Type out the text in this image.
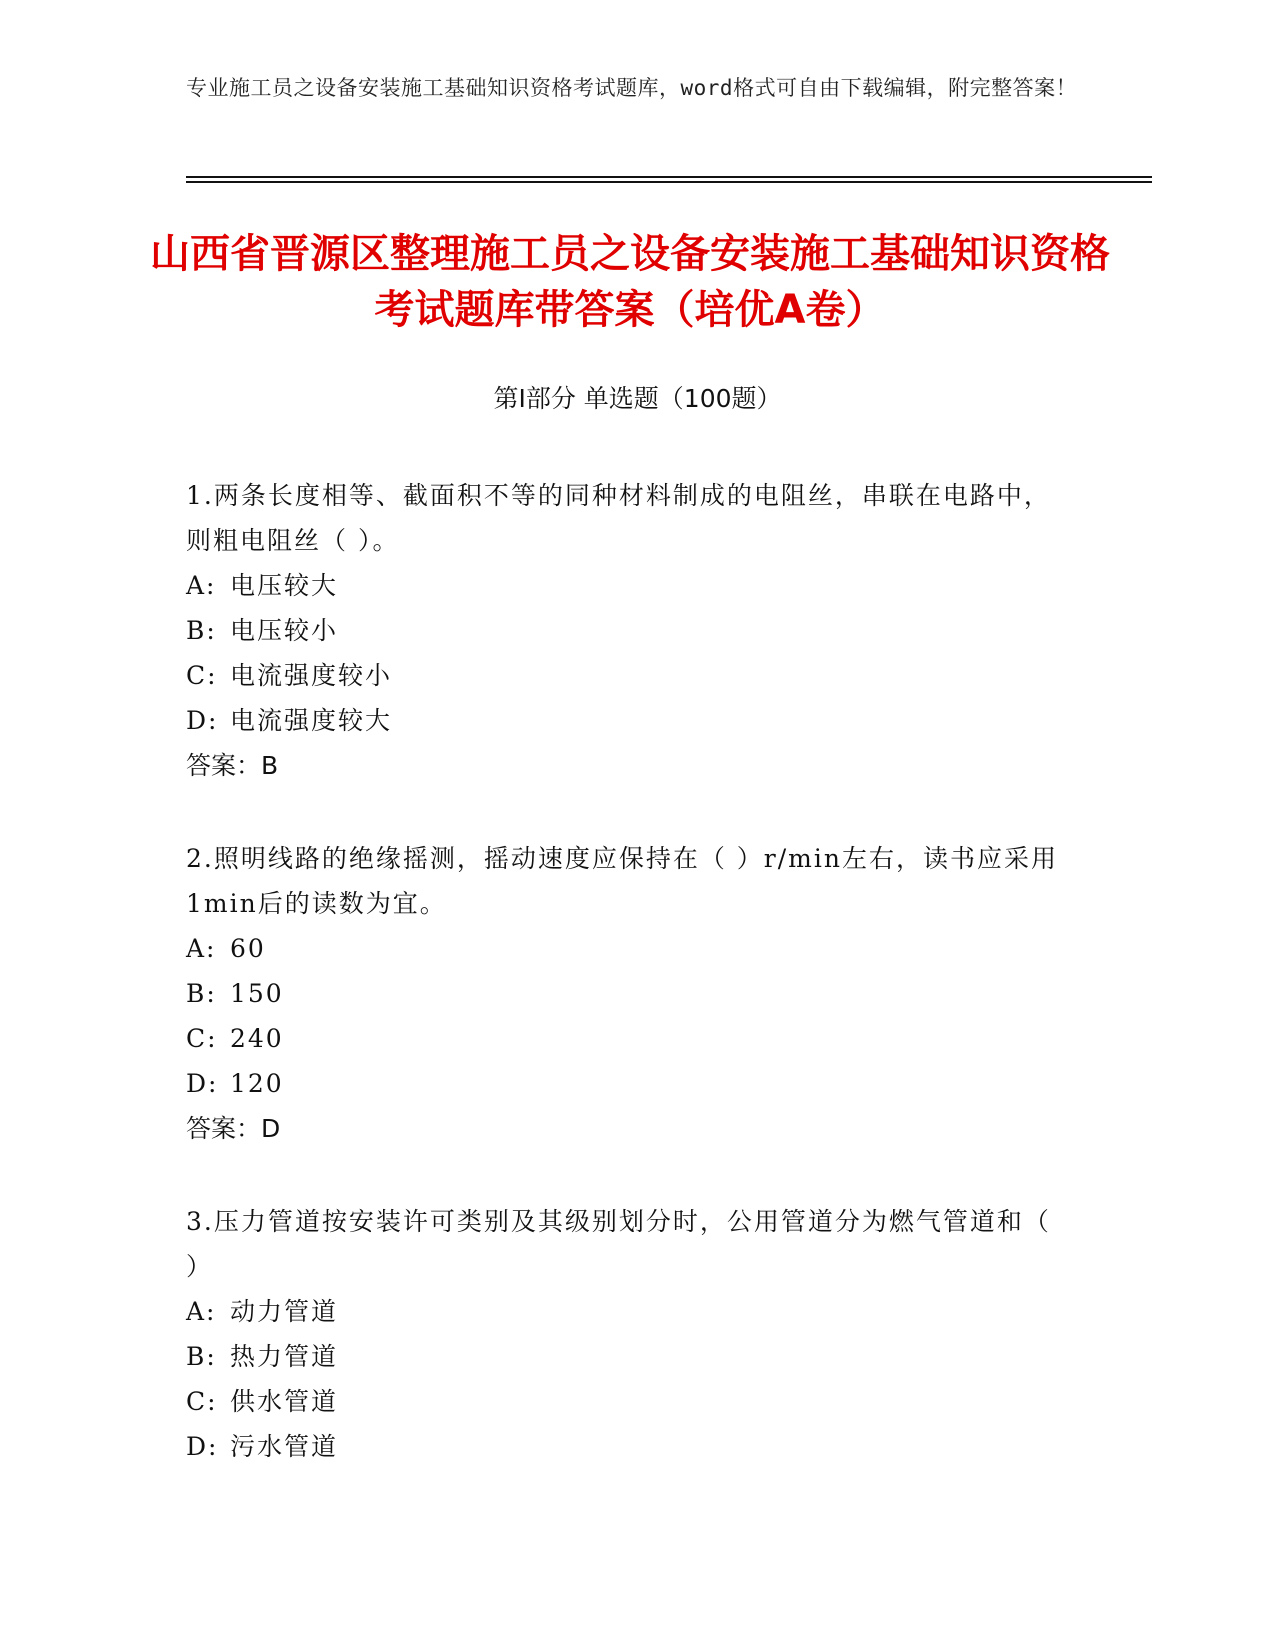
专业施工员之设备安装施工基础知识资格考试题库，word格式可自由下载编辑，附完整答案！
山西省晋源区整理施工员之设备安装施工基础知识资格考试题库带答案（培优A卷）
第I部分 单选题（100题）
1.两条长度相等、截面积不等的同种材料制成的电阻丝，串联在电路中，则粗电阻丝（ ）。
A: 电压较大
B: 电压较小
C: 电流强度较小
D: 电流强度较大
答案：B
2.照明线路的绝缘摇测，摇动速度应保持在（ ）r/min左右，读书应采用1min后的读数为宜。
A: 60
B: 150
C: 240
D: 120
答案：D
3.压力管道按安装许可类别及其级别划分时，公用管道分为燃气管道和（ ）
A: 动力管道
B: 热力管道
C: 供水管道
D: 污水管道
